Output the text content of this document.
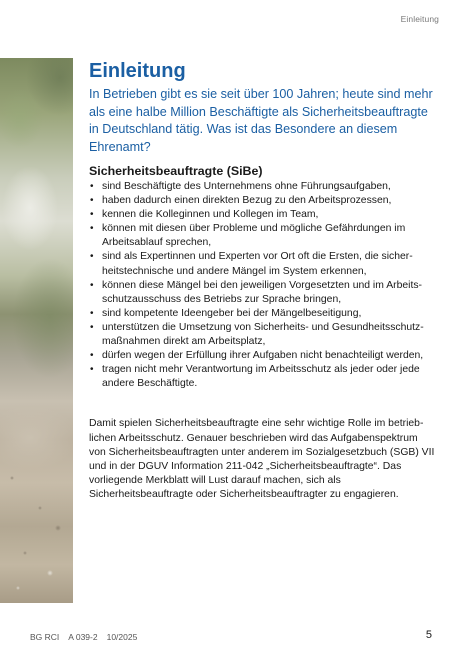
Einleitung
Einleitung

In Betrieben gibt es sie seit über 100 Jahren; heute sind mehr als eine halbe Million Beschäftigte als Sicherheitsbeauftragte in Deutschland tätig. Was ist das Besondere an diesem Ehrenamt?

Sicherheitsbeauftragte (SiBe)
• sind Beschäftigte des Unternehmens ohne Führungsaufgaben,
• haben dadurch einen direkten Bezug zu den Arbeitsprozessen,
• kennen die Kolleginnen und Kollegen im Team,
• können mit diesen über Probleme und mögliche Gefährdungen im Arbeitsablauf sprechen,
• sind als Expertinnen und Experten vor Ort oft die Ersten, die sicherheitstechnische und andere Mängel im System erkennen,
• können diese Mängel bei den jeweiligen Vorgesetzten und im Arbeitsschutzausschuss des Betriebs zur Sprache bringen,
• sind kompetente Ideengeber bei der Mängelbeseitigung,
• unterstützen die Umsetzung von Sicherheits- und Gesundheitsschutzmaßnahmen direkt am Arbeitsplatz,
• dürfen wegen der Erfüllung ihrer Aufgaben nicht benachteiligt werden,
• tragen nicht mehr Verantwortung im Arbeitsschutz als jeder oder jede andere Beschäftigte.

Damit spielen Sicherheitsbeauftragte eine sehr wichtige Rolle im betrieblichen Arbeitsschutz. Genauer beschrieben wird das Aufgabenspektrum von Sicherheitsbeauftragten unter anderem im Sozialgesetzbuch (SGB) VII und in der DGUV Information 211-042 „Sicherheitsbeauftragte“. Das vorliegende Merkblatt will Lust darauf machen, sich als Sicherheitsbeauftragte oder Sicherheitsbeauftragter zu engagieren.

BG RCI A 039-2 10/2025	5
